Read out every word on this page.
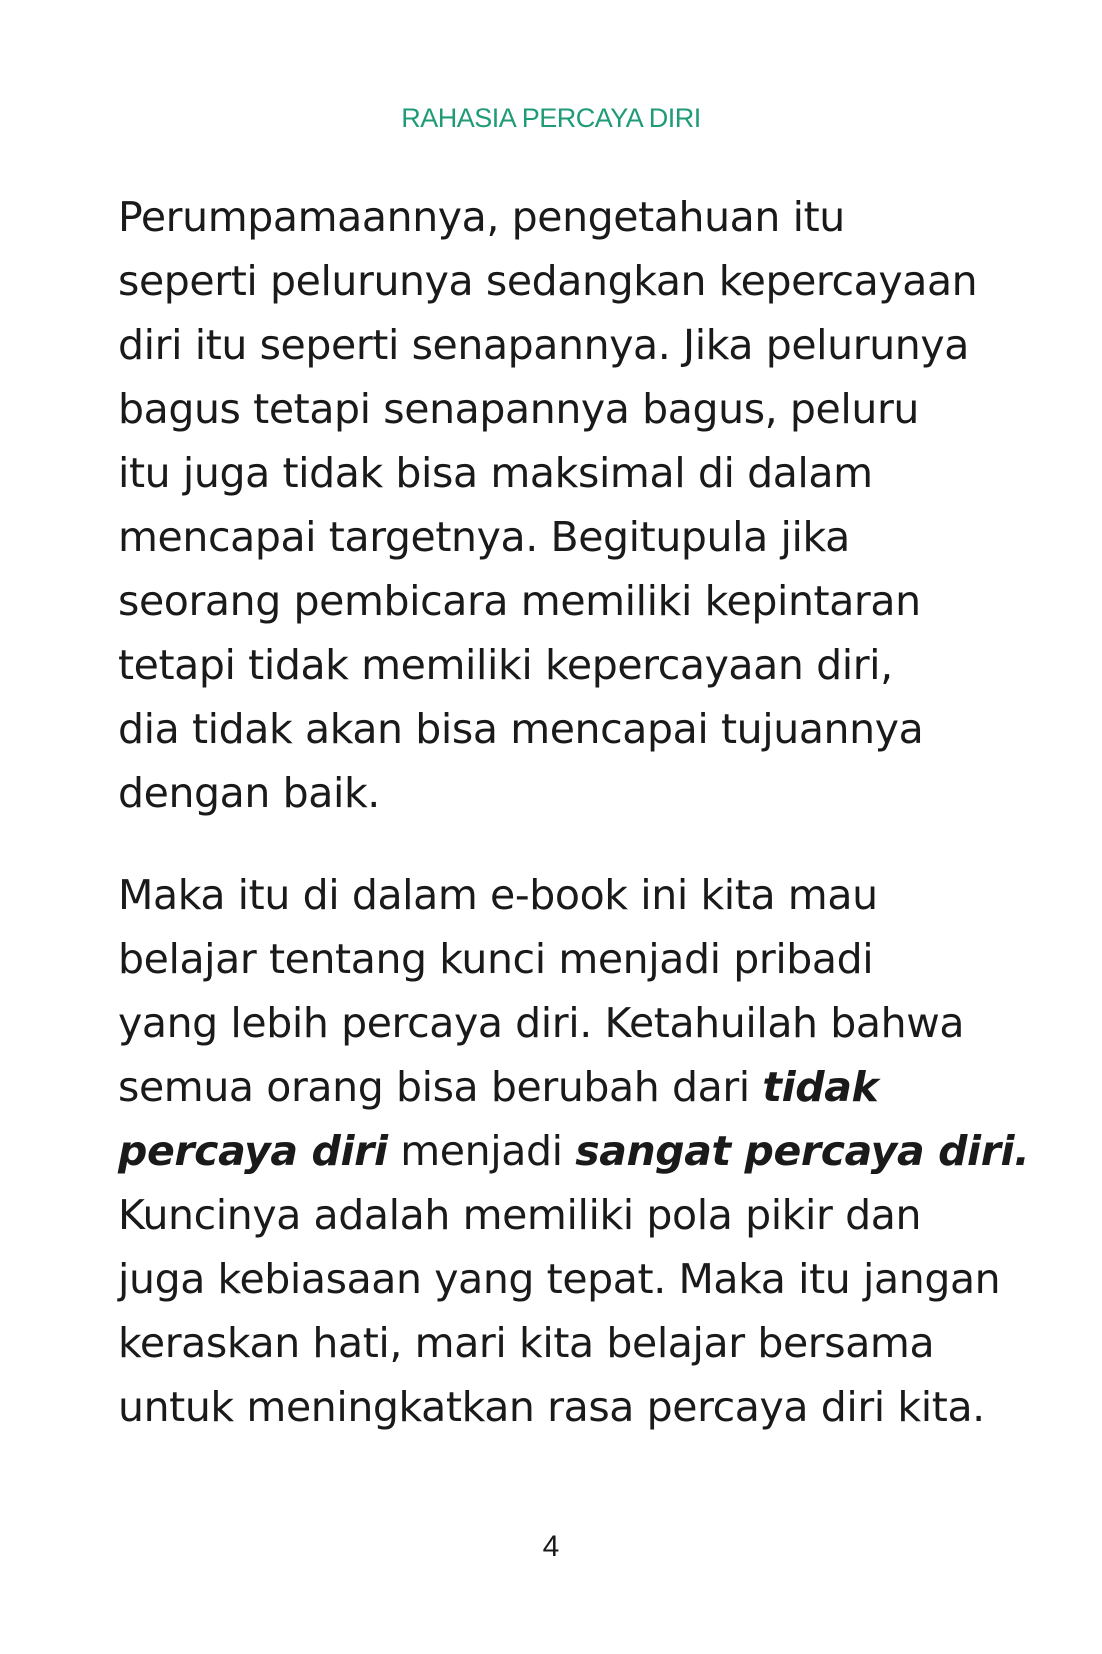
RAHASIA PERCAYA DIRI
Perumpamaannya, pengetahuan itu
seperti pelurunya sedangkan kepercayaan
diri itu seperti senapannya. Jika pelurunya
bagus tetapi senapannya bagus, peluru
itu juga tidak bisa maksimal di dalam
mencapai targetnya. Begitupula jika
seorang pembicara memiliki kepintaran
tetapi tidak memiliki kepercayaan diri,
dia tidak akan bisa mencapai tujuannya
dengan baik.
Maka itu di dalam e-book ini kita mau
belajar tentang kunci menjadi pribadi
yang lebih percaya diri. Ketahuilah bahwa
semua orang bisa berubah dari tidak
percaya diri menjadi sangat percaya diri.
Kuncinya adalah memiliki pola pikir dan
juga kebiasaan yang tepat. Maka itu jangan
keraskan hati, mari kita belajar bersama
untuk meningkatkan rasa percaya diri kita.
4
